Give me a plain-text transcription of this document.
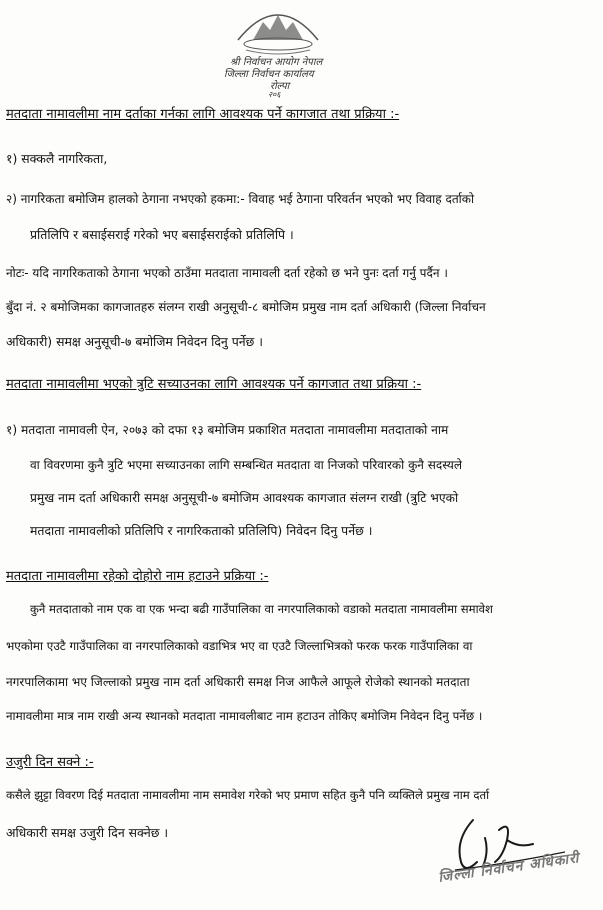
श्री निर्वाचन आयोग नेपाल
जिल्ला निर्वाचन कार्यालय
रोल्पा
२०६
मतदाता नामावलीमा नाम दर्ताका गर्नका लागि आवश्यक पर्ने कागजात तथा प्रक्रिया :-
१) सक्कलै नागरिकता,
२) नागरिकता बमोजिम हालको ठेगाना नभएको हकमा:- विवाह भई ठेगाना परिवर्तन भएको भए विवाह दर्ताको
प्रतिलिपि र बसाईसराई गरेको भए बसाईसराईको प्रतिलिपि ।
नोटः- यदि नागरिकताको ठेगाना भएको ठाउँमा मतदाता नामावली दर्ता रहेको छ भने पुनः दर्ता गर्नु पर्दैन ।
बुँदा नं. २ बमोजिमका कागजातहरु संलग्न राखी अनुसूची-८ बमोजिम प्रमुख नाम दर्ता अधिकारी (जिल्ला निर्वाचन
अधिकारी) समक्ष अनुसूची-७ बमोजिम निवेदन दिनु पर्नेछ ।
मतदाता नामावलीमा भएको त्रुटि सच्याउनका लागि आवश्यक पर्ने कागजात तथा प्रक्रिया :-
१) मतदाता नामावली ऐन, २०७३ को दफा १३ बमोजिम प्रकाशित मतदाता नामावलीमा मतदाताको नाम
वा विवरणमा कुनै त्रुटि भएमा सच्याउनका लागि सम्बन्धित मतदाता वा निजको परिवारको कुनै सदस्यले
प्रमुख नाम दर्ता अधिकारी समक्ष अनुसूची-७ बमोजिम आवश्यक कागजात संलग्न राखी (त्रुटि भएको
मतदाता नामावलीको प्रतिलिपि र नागरिकताको प्रतिलिपि) निवेदन दिनु पर्नेछ ।
मतदाता नामावलीमा रहेको दोहोरो नाम हटाउने प्रक्रिया :-
कुनै मतदाताको नाम एक वा एक भन्दा बढी गाउँपालिका वा नगरपालिकाको वडाको मतदाता नामावलीमा समावेश
भएकोमा एउटै गाउँपालिका वा नगरपालिकाको वडाभित्र भए वा एउटै जिल्लाभित्रको फरक फरक गाउँपालिका वा
नगरपालिकामा भए जिल्लाको प्रमुख नाम दर्ता अधिकारी समक्ष निज आफैले आफूले रोजेको स्थानको मतदाता
नामावलीमा मात्र नाम राखी अन्य स्थानको मतदाता नामावलीबाट नाम हटाउन तोकिए बमोजिम निवेदन दिनु पर्नेछ ।
उजुरी दिन सक्ने :-
कसैले झुट्टा विवरण दिई मतदाता नामावलीमा नाम समावेश गरेको भए प्रमाण सहित कुनै पनि व्यक्तिले प्रमुख नाम दर्ता
अधिकारी समक्ष उजुरी दिन सक्नेछ ।
जिल्ला निर्वाचन अधिकारी
